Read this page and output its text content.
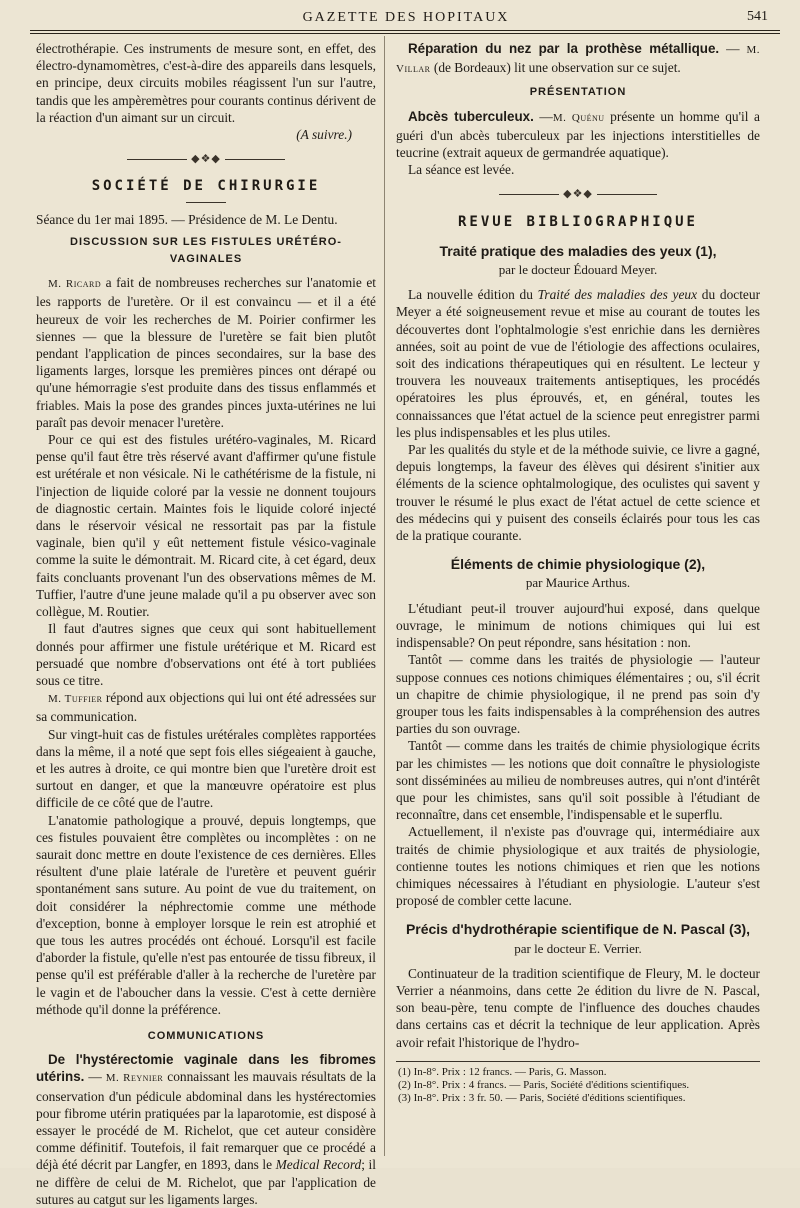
GAZETTE DES HOPITAUX	541

électrothérapie. Ces instruments de mesure sont, en effet, des électro-dynamomètres, c'est-à-dire des appareils dans lesquels, en principe, deux circuits mobiles réagissent l'un sur l'autre, tandis que les ampèremètres pour courants continus dérivent de la réaction d'un aimant sur un circuit.

(A suivre.)
◆❖◆
SOCIÉTÉ DE CHIRURGIE

Séance du 1er mai 1895. — Présidence de M. Le Dentu.

DISCUSSION SUR LES FISTULES URÉTÉRO-VAGINALES

M. Ricard a fait de nombreuses recherches sur l'anatomie et les rapports de l'uretère. Or il est convaincu — et il a été heureux de voir les recherches de M. Poirier confirmer les siennes — que la blessure de l'uretère se fait bien plutôt pendant l'application de pinces secondaires, sur la base des ligaments larges, lorsque les premières pinces ont dérapé ou qu'une hémorragie s'est produite dans des tissus enflammés et friables. Mais la pose des grandes pinces juxta-utérines ne lui paraît pas devoir menacer l'uretère.

Pour ce qui est des fistules urétéro-vaginales, M. Ricard pense qu'il faut être très réservé avant d'affirmer qu'une fistule est urétérale et non vésicale. Ni le cathétérisme de la fistule, ni l'injection de liquide coloré par la vessie ne donnent toujours de diagnostic certain. Maintes fois le liquide coloré injecté dans le réservoir vésical ne ressortait pas par la fistule vaginale, bien qu'il y eût nettement fistule vésico-vaginale comme la suite le démontrait. M. Ricard cite, à cet égard, deux faits concluants provenant l'un des observations mêmes de M. Tuffier, l'autre d'une jeune malade qu'il a pu observer avec son collègue, M. Routier.

Il faut d'autres signes que ceux qui sont habituellement donnés pour affirmer une fistule urétérique et M. Ricard est persuadé que nombre d'observations ont été à tort publiées sous ce titre.

M. Tuffier répond aux objections qui lui ont été adressées sur sa communication.

Sur vingt-huit cas de fistules urétérales complètes rapportées dans la même, il a noté que sept fois elles siégeaient à gauche, et les autres à droite, ce qui montre bien que l'uretère droit est surtout en danger, et que la manœuvre opératoire est plus difficile de ce côté que de l'autre.

L'anatomie pathologique a prouvé, depuis longtemps, que ces fistules pouvaient être complètes ou incomplètes : on ne saurait donc mettre en doute l'existence de ces dernières. Elles résultent d'une plaie latérale de l'uretère et peuvent guérir spontanément sans suture. Au point de vue du traitement, on doit considérer la néphrectomie comme une méthode d'exception, bonne à employer lorsque le rein est atrophié et que tous les autres procédés ont échoué. Lorsqu'il est facile d'aborder la fistule, qu'elle n'est pas entourée de tissu fibreux, il pense qu'il est préférable d'aller à la recherche de l'uretère par le vagin et de l'aboucher dans la vessie. C'est à cette dernière méthode qu'il donne la préférence.

COMMUNICATIONS

De l'hystérectomie vaginale dans les fibromes utérins. — M. Reynier connaissant les mauvais résultats de la conservation d'un pédicule abdominal dans les hystérectomies pour fibrome utérin pratiquées par la laparotomie, est disposé à essayer le procédé de M. Richelot, que cet auteur considère comme définitif. Toutefois, il fait remarquer que ce procédé a déjà été décrit par Langfer, en 1893, dans le Medical Record; il ne diffère de celui de M. Richelot, que par l'application de sutures au catgut sur les ligaments larges.

Réparation du nez par la prothèse métallique. — M. Villar (de Bordeaux) lit une observation sur ce sujet.

PRÉSENTATION

Abcès tuberculeux. —M. Quénu présente un homme qu'il a guéri d'un abcès tuberculeux par les injections interstitielles de teucrine (extrait aqueux de germandrée aquatique).

La séance est levée.

◆❖◆
REVUE BIBLIOGRAPHIQUE
Traité pratique des maladies des yeux (1),
par le docteur Édouard Meyer.

La nouvelle édition du Traité des maladies des yeux du docteur Meyer a été soigneusement revue et mise au courant de toutes les découvertes dont l'ophtalmologie s'est enrichie dans les dernières années, soit au point de vue de l'étiologie des affections oculaires, soit des indications thérapeutiques qui en résultent. Le lecteur y trouvera les nouveaux traitements antiseptiques, les procédés opératoires les plus éprouvés, et, en général, toutes les connaissances que l'état actuel de la science peut enregistrer parmi les plus indispensables et les plus utiles.

Par les qualités du style et de la méthode suivie, ce livre a gagné, depuis longtemps, la faveur des élèves qui désirent s'initier aux éléments de la science ophtalmologique, des oculistes qui savent y trouver le résumé le plus exact de l'état actuel de cette science et des médecins qui y puisent des conseils éclairés pour tous les cas de la pratique courante.

Éléments de chimie physiologique (2),
par Maurice Arthus.

L'étudiant peut-il trouver aujourd'hui exposé, dans quelque ouvrage, le minimum de notions chimiques qui lui est indispensable? On peut répondre, sans hésitation : non.

Tantôt — comme dans les traités de physiologie — l'auteur suppose connues ces notions chimiques élémentaires ; ou, s'il écrit un chapitre de chimie physiologique, il ne prend pas soin d'y grouper tous les faits indispensables à la compréhension des autres parties du son ouvrage.

Tantôt — comme dans les traités de chimie physiologique écrits par les chimistes — les notions que doit connaître le physiologiste sont disséminées au milieu de nombreuses autres, qui n'ont d'intérêt que pour les chimistes, sans qu'il soit possible à l'étudiant de reconnaître, dans cet ensemble, l'indispensable et le superflu.

Actuellement, il n'existe pas d'ouvrage qui, intermédiaire aux traités de chimie physiologique et aux traités de physiologie, contienne toutes les notions chimiques et rien que les notions chimiques nécessaires à l'étudiant en physiologie. L'auteur s'est proposé de combler cette lacune.

Précis d'hydrothérapie scientifique de N. Pascal (3),
par le docteur E. Verrier.

Continuateur de la tradition scientifique de Fleury, M. le docteur Verrier a néanmoins, dans cette 2e édition du livre de N. Pascal, son beau-père, tenu compte de l'influence des douches chaudes dans certains cas et décrit la technique de leur application. Après avoir refait l'historique de l'hydro-

(1) In-8°. Prix : 12 francs. — Paris, G. Masson.
(2) In-8°. Prix : 4 francs. — Paris, Société d'éditions scientifiques.
(3) In-8°. Prix : 3 fr. 50. — Paris, Société d'éditions scientifiques.
